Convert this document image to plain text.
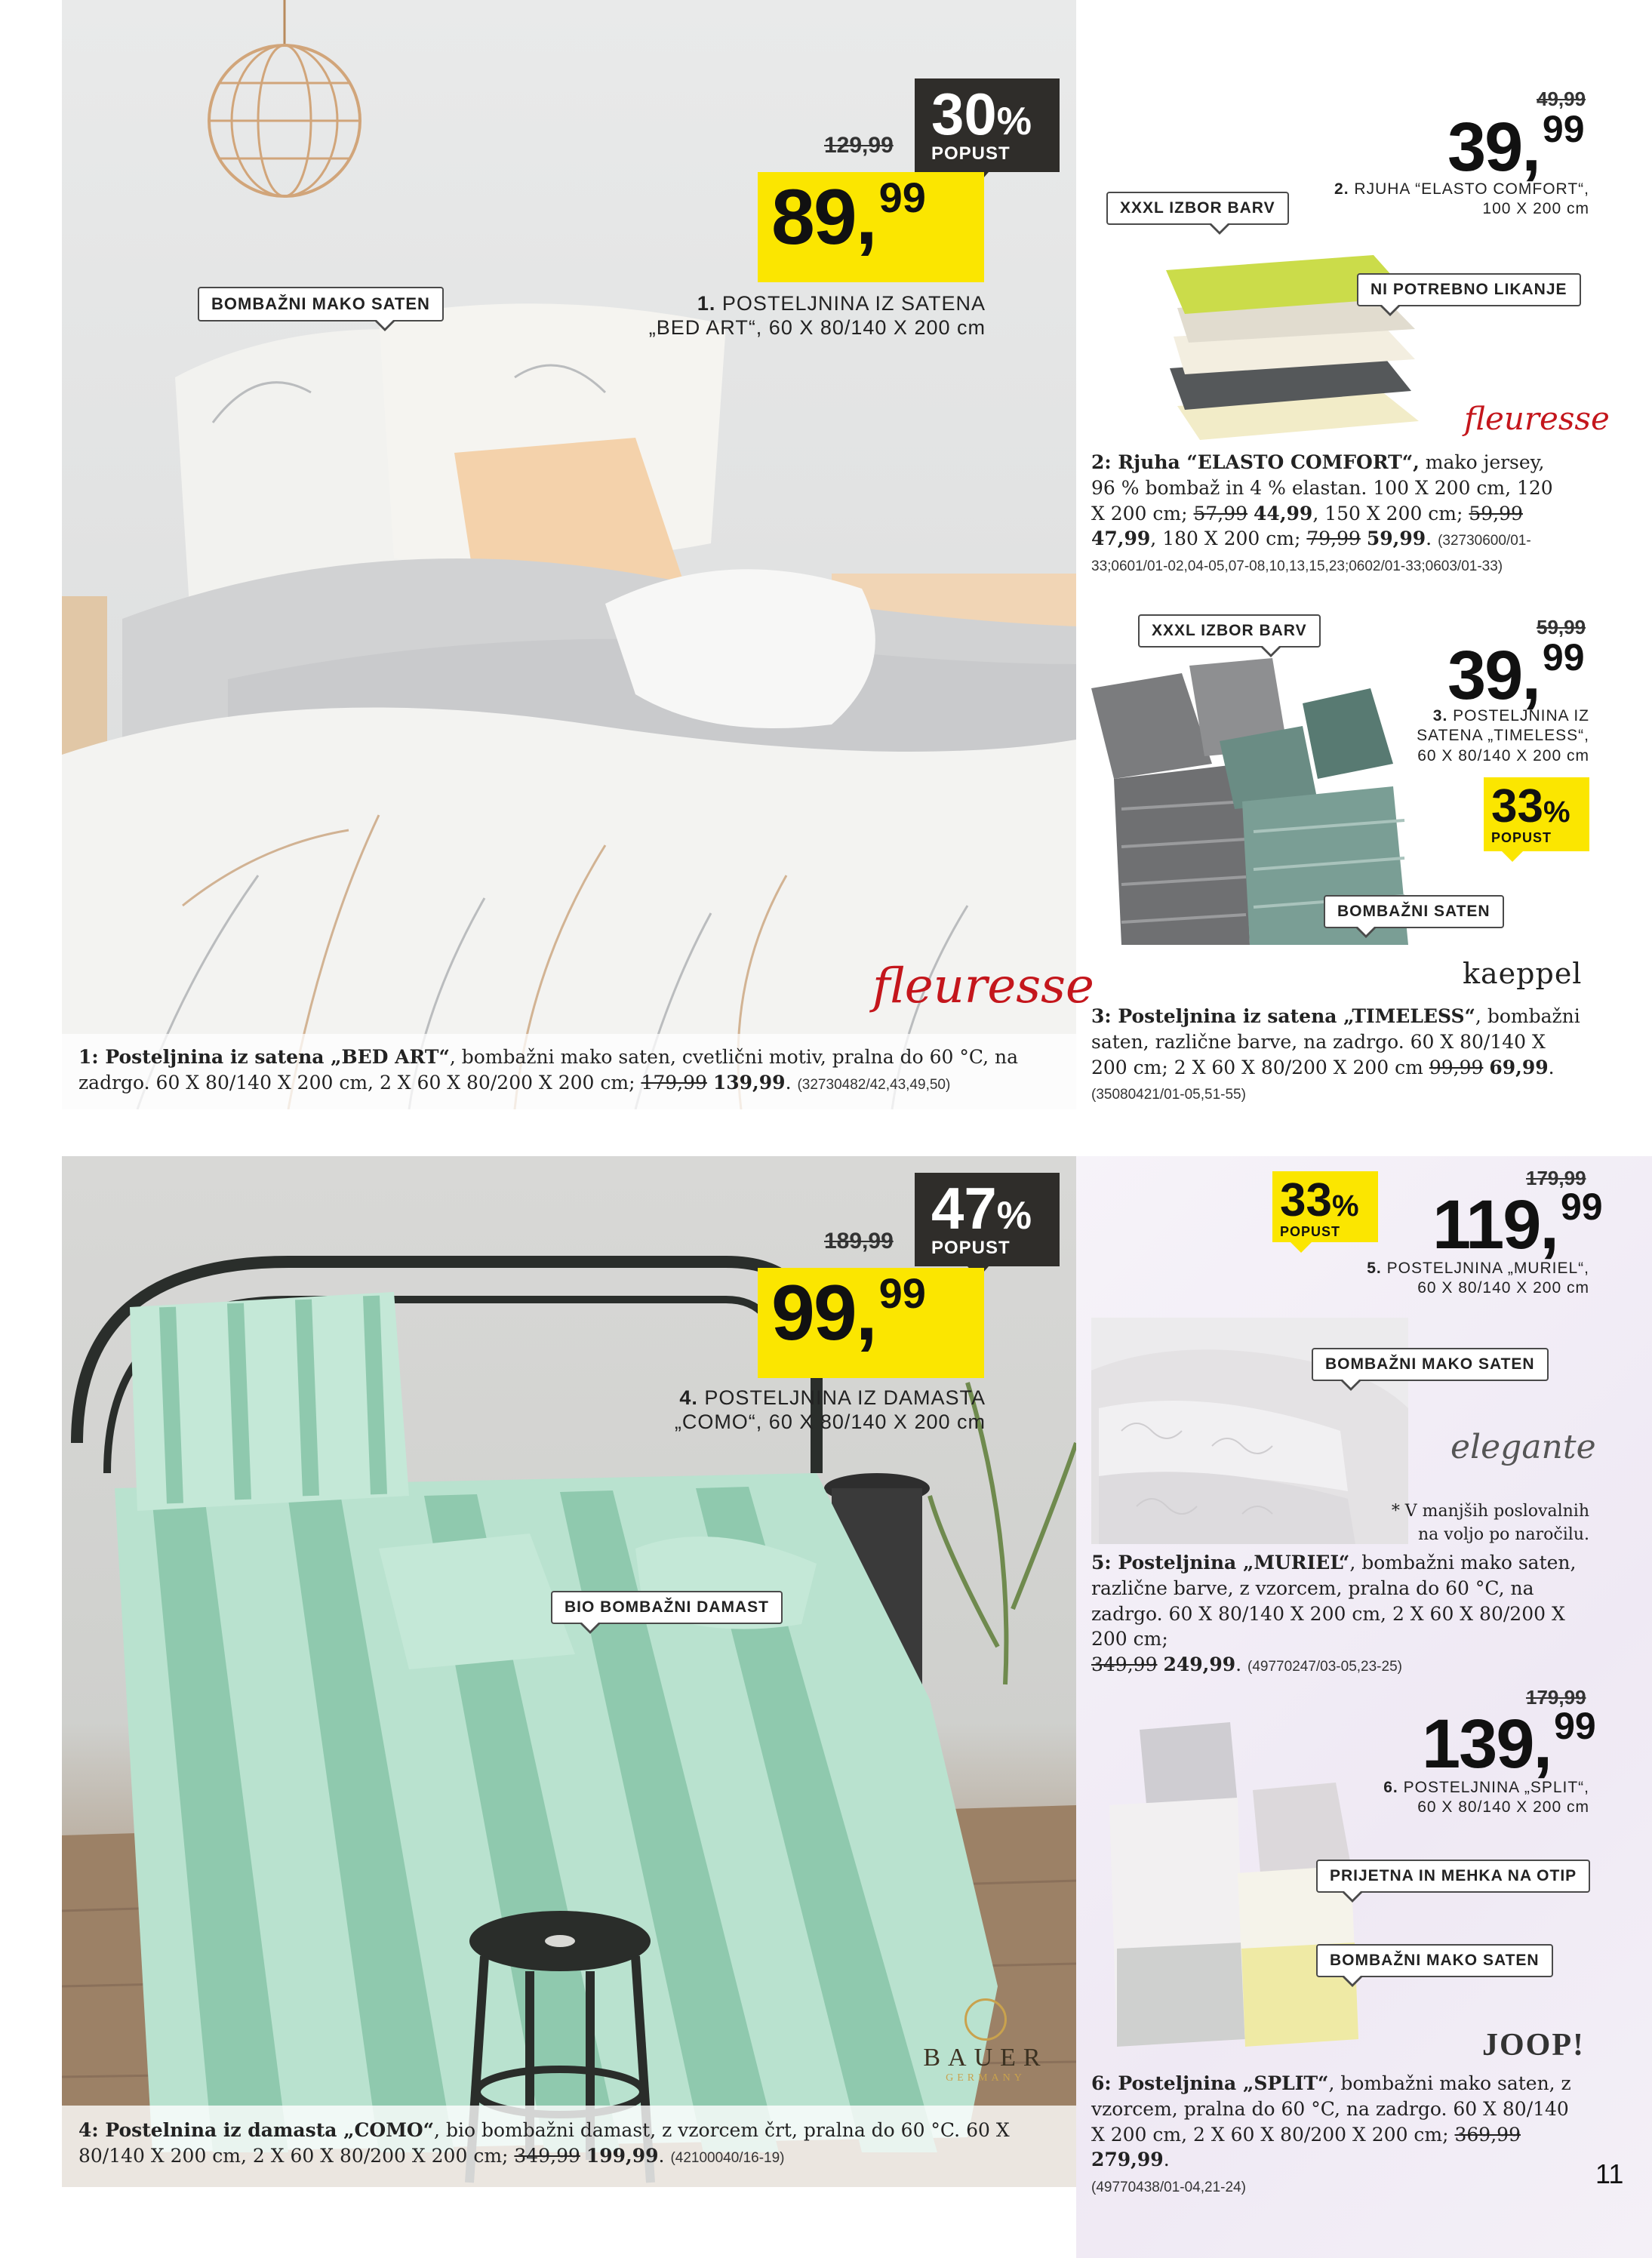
129,99 30%
POPUST
89,99
1. POSTELJNINA IZ SATENA
„BED ART“, 60 X 80/140 X 200 cm
BOMBAŽNI MAKO SATEN
fleuresse
1: Posteljnina iz satena „BED ART“, bombažni mako saten, cvetlični motiv, pralna do 60 °C, na zadrgo. 60 X 80/140 X 200 cm, 2 X 60 X 80/200 X 200 cm; 179,99 139,99. (32730482/42,43,49,50)
49,99
39,99
2. RJUHA “ELASTO COMFORT“,
100 X 200 cm
XXXL IZBOR BARV
NI POTREBNO LIKANJE
fleuresse
2: Rjuha “ELASTO COMFORT“, mako jersey, 96 % bombaž in 4 % elastan. 100 X 200 cm, 120 X 200 cm; 57,99 44,99, 150 X 200 cm; 59,99 47,99, 180 X 200 cm; 79,99 59,99. (32730600/01-33;0601/01-02,04-05,07-08,10,13,15,23;0602/01-33;0603/01-33)
XXXL IZBOR BARV	59,99
39,99
3. POSTELJNINA IZ
SATENA „TIMELESS“,
60 X 80/140 X 200 cm
33%
POPUST
BOMBAŽNI SATEN
kaeppel
3: Posteljnina iz satena „TIMELESS“, bombažni saten, različne barve, na zadrgo. 60 X 80/140 X 200 cm; 2 X 60 X 80/200 X 200 cm 99,99 69,99.
(35080421/01-05,51-55)
189,99 47%
POPUST
99,99
4. POSTELJNINA IZ DAMASTA
„COMO“, 60 X 80/140 X 200 cm
BIO BOMBAŽNI DAMAST
BAUER
GERMANY
4: Postelnina iz damasta „COMO“, bio bombažni damast, z vzorcem črt, pralna do 60 °C. 60 X 80/140 X 200 cm, 2 X 60 X 80/200 X 200 cm; 349,99 199,99. (42100040/16-19)
33%
POPUST
179,99
119,99
5. POSTELJNINA „MURIEL“,
60 X 80/140 X 200 cm
BOMBAŽNI MAKO SATEN
elegante
* V manjših poslovalnih
na voljo po naročilu.
5: Posteljnina „MURIEL“, bombažni mako saten, različne barve, z vzorcem, pralna do 60 °C, na zadrgo. 60 X 80/140 X 200 cm, 2 X 60 X 80/200 X 200 cm;
349,99 249,99. (49770247/03-05,23-25)
179,99
139,99
6. POSTELJNINA „SPLIT“,
60 X 80/140 X 200 cm
PRIJETNA IN MEHKA NA OTIP
BOMBAŽNI MAKO SATEN
JOOP!
6: Posteljnina „SPLIT“, bombažni mako saten, z vzorcem, pralna do 60 °C, na zadrgo. 60 X 80/140 X 200 cm, 2 X 60 X 80/200 X 200 cm; 369,99 279,99.
(49770438/01-04,21-24)	11
